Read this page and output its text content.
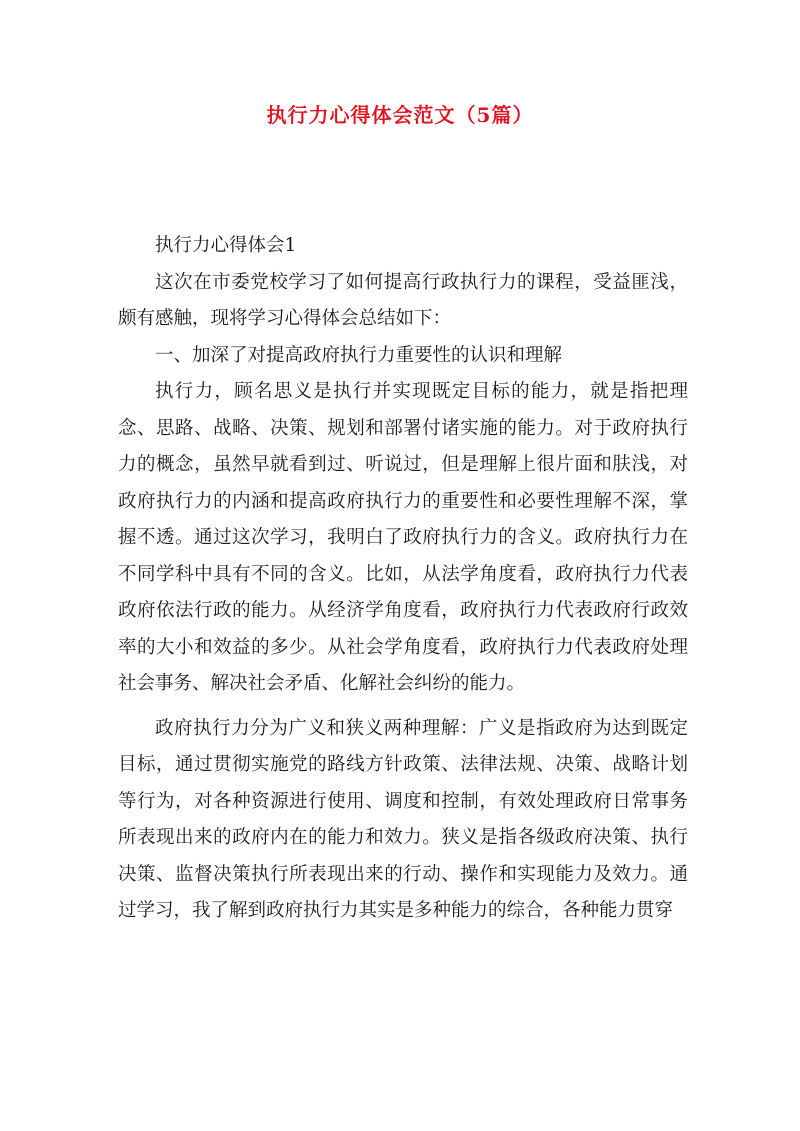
执行力心得体会范文（5篇）

执行力心得体会1

这次在市委党校学习了如何提高行政执行力的课程，受益匪浅，颇有感触，现将学习心得体会总结如下：

一、加深了对提高政府执行力重要性的认识和理解

执行力，顾名思义是执行并实现既定目标的能力，就是指把理念、思路、战略、决策、规划和部署付诸实施的能力。对于政府执行力的概念，虽然早就看到过、听说过，但是理解上很片面和肤浅，对政府执行力的内涵和提高政府执行力的重要性和必要性理解不深，掌握不透。通过这次学习，我明白了政府执行力的含义。政府执行力在不同学科中具有不同的含义。比如，从法学角度看，政府执行力代表政府依法行政的能力。从经济学角度看，政府执行力代表政府行政效率的大小和效益的多少。从社会学角度看，政府执行力代表政府处理社会事务、解决社会矛盾、化解社会纠纷的能力。

政府执行力分为广义和狭义两种理解：广义是指政府为达到既定目标，通过贯彻实施党的路线方针政策、法律法规、决策、战略计划等行为，对各种资源进行使用、调度和控制，有效处理政府日常事务所表现出来的政府内在的能力和效力。狭义是指各级政府决策、执行决策、监督决策执行所表现出来的行动、操作和实现能力及效力。通过学习，我了解到政府执行力其实是多种能力的综合，各种能力贯穿
